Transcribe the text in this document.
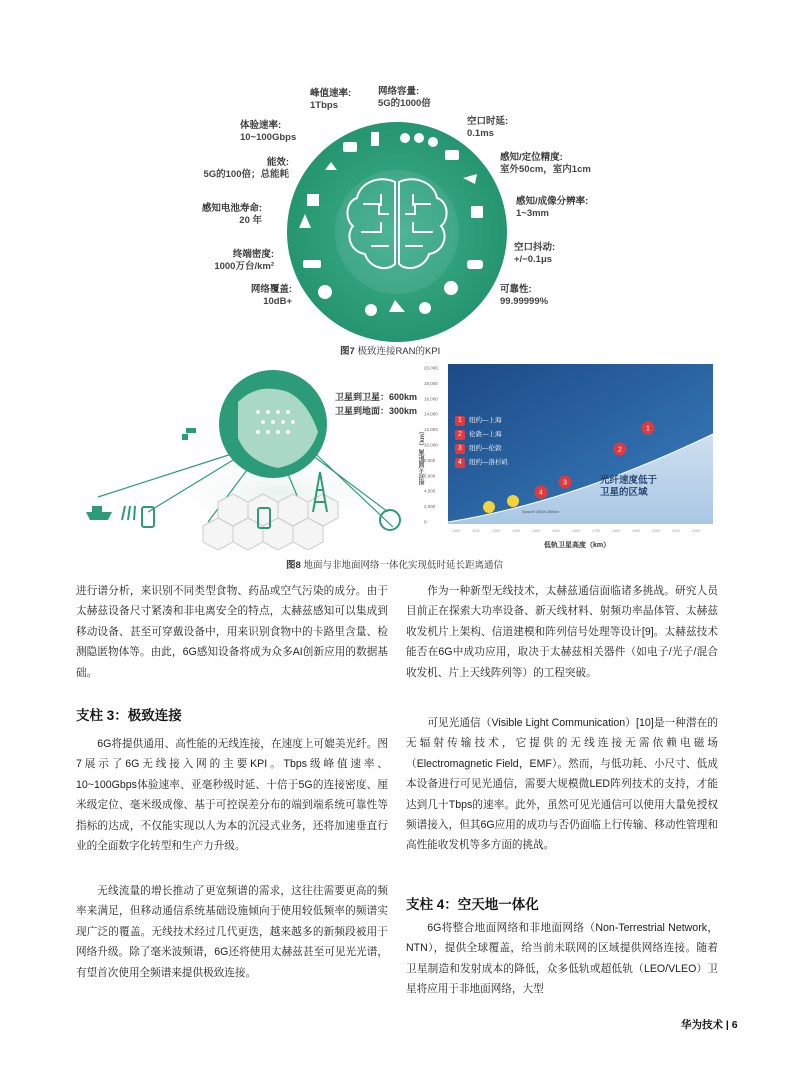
峰值速率:
1Tbps
网络容量:
5G的1000倍
体验速率:
10~100Gbps
空口时延:
0.1ms
能效:
5G的100倍；总能耗
感知/定位精度:
室外50cm，室内1cm
感知电池寿命:
20 年
感知/成像分辨率:
1~3mm
终端密度:
1000万台/km²
空口抖动:
+/−0.1μs
网络覆盖:
10dB+
可靠性:
99.99999%
图7 极致连接RAN的KPI
卫星到卫星：600km
卫星到地面：300km
20,000
18,000
16,000
14,000
12,000
10,000
8,000
6,000
4,000
2,000
0
1000	1100	1200	1300	1400	1500	1600	1700	1800	1900	2000	2100	2200
1
2
3
4
SpaceX @520-560km
1 纽约—上海
2 伦敦—上海
3 纽约—伦敦
4 纽约—洛杉矶
光纤速度低于
卫星的区域
相对大圆距离（km）
低轨卫星高度（km）
图8 地面与非地面网络一体化实现低时延长距离通信

进行谱分析，来识别不同类型食物、药品或空气污染的成分。由于太赫兹设备尺寸紧凑和非电离安全的特点，太赫兹感知可以集成到移动设备、甚至可穿戴设备中，用来识别食物中的卡路里含量、检测隐匿物体等。由此，6G感知设备将成为众多AI创新应用的数据基础。

支柱 3：极致连接
6G将提供通用、高性能的无线连接，在速度上可媲美光纤。图7展示了6G无线接入网的主要KPI。Tbps级峰值速率、10~100Gbps体验速率、亚毫秒级时延、十倍于5G的连接密度、厘米级定位、毫米级成像、基于可控误差分布的端到端系统可靠性等指标的达成，不仅能实现以人为本的沉浸式业务，还将加速垂直行业的全面数字化转型和生产力升级。
无线流量的增长推动了更宽频谱的需求，这往往需要更高的频率来满足，但移动通信系统基础设施倾向于使用较低频率的频谱实现广泛的覆盖。无线技术经过几代更迭，越来越多的新频段被用于网络升级。除了毫米波频谱，6G还将使用太赫兹甚至可见光光谱，有望首次使用全频谱来提供极致连接。
作为一种新型无线技术，太赫兹通信面临诸多挑战。研究人员目前正在探索大功率设备、新天线材料、射频功率晶体管、太赫兹收发机片上架构、信道建模和阵列信号处理等设计[9]。太赫兹技术能否在6G中成功应用，取决于太赫兹相关器件（如电子/光子/混合收发机、片上天线阵列等）的工程突破。
可见光通信（Visible Light Communication）[10]是一种潜在的无辐射传输技术，它提供的无线连接无需依赖电磁场（Electromagnetic Field，EMF）。然而，与低功耗、小尺寸、低成本设备进行可见光通信，需要大规模微LED阵列技术的支持，才能达到几十Tbps的速率。此外，虽然可见光通信可以使用大量免授权频谱接入，但其6G应用的成功与否仍面临上行传输、移动性管理和高性能收发机等多方面的挑战。
支柱 4：空天地一体化
6G将整合地面网络和非地面网络（Non-Terrestrial Network，NTN），提供全球覆盖，给当前未联网的区域提供网络连接。随着卫星制造和发射成本的降低，众多低轨或超低轨（LEO/VLEO）卫星将应用于非地面网络，大型
华为技术 | 6
